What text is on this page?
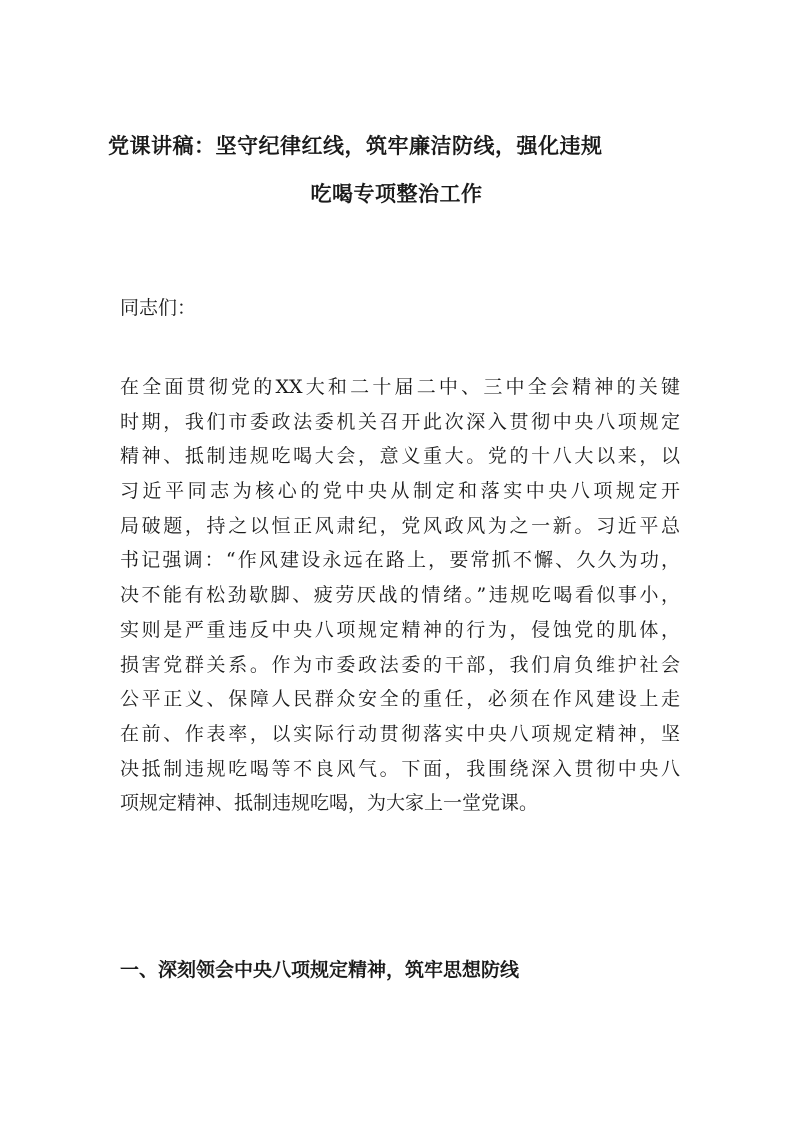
党课讲稿：坚守纪律红线，筑牢廉洁防线，强化违规
吃喝专项整治工作

同志们：

在全面贯彻党的XX大和二十届二中、三中全会精神的关键
时期，我们市委政法委机关召开此次深入贯彻中央八项规定
精神、抵制违规吃喝大会，意义重大。党的十八大以来，以
习近平同志为核心的党中央从制定和落实中央八项规定开
局破题，持之以恒正风肃纪，党风政风为之一新。习近平总
书记强调：“作风建设永远在路上，要常抓不懈、久久为功，
决不能有松劲歇脚、疲劳厌战的情绪。”违规吃喝看似事小，
实则是严重违反中央八项规定精神的行为，侵蚀党的肌体，
损害党群关系。作为市委政法委的干部，我们肩负维护社会
公平正义、保障人民群众安全的重任，必须在作风建设上走
在前、作表率，以实际行动贯彻落实中央八项规定精神，坚
决抵制违规吃喝等不良风气。下面，我围绕深入贯彻中央八
项规定精神、抵制违规吃喝，为大家上一堂党课。
一、深刻领会中央八项规定精神，筑牢思想防线
